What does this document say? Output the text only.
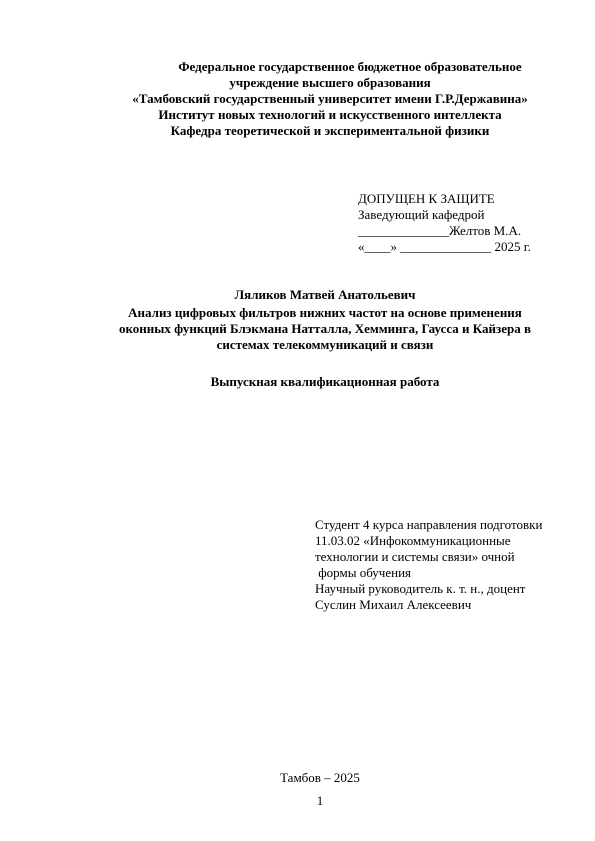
Федеральное государственное бюджетное образовательное
учреждение высшего образования
«Тамбовский государственный университет имени Г.Р.Державина»
Институт новых технологий и искусственного интеллекта
Кафедра теоретической и экспериментальной физики
ДОПУЩЕН К ЗАЩИТЕ
Заведующий кафедрой
______________Желтов М.А.
«____» ______________ 2025 г.
Ляликов Матвей Анатольевич
Анализ цифровых фильтров нижних частот на основе применения
оконных функций Блэкмана Натталла, Хемминга, Гаусса и Кайзера в
системах телекоммуникаций и связи
Выпускная квалификационная работа
Студент 4 курса направления подготовки
11.03.02 «Инфокоммуникационные
технологии и системы связи» очной
формы обучения
Научный руководитель к. т. н., доцент
Суслин Михаил Алексеевич
Тамбов – 2025
1
